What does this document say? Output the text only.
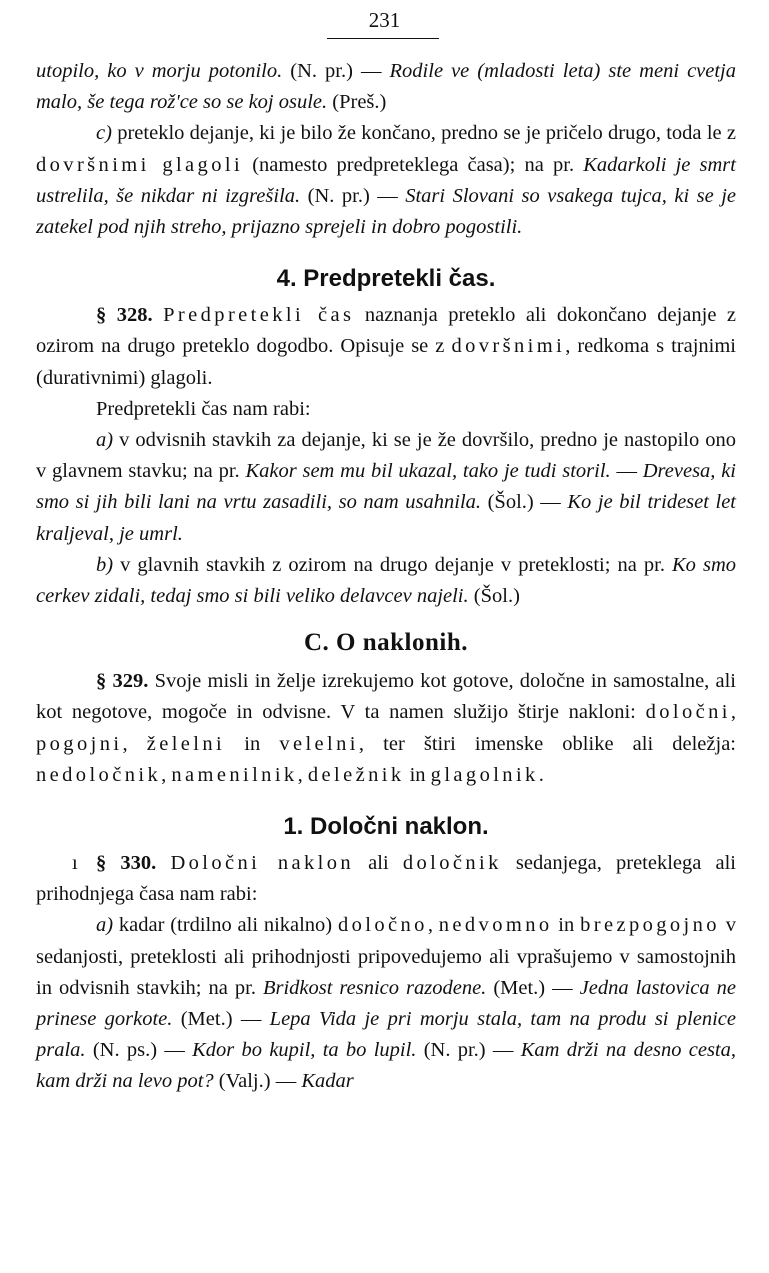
231

utopilo, ko v morju potonilo. (N. pr.) — Rodile ve (mladosti leta) ste meni cvetja malo, še tega rož'ce so se koj osule. (Preš.)

c) preteklo dejanje, ki je bilo že končano, predno se je pričelo drugo, toda le z dovršnimi glagoli (namesto predpreteklega časa); na pr. Kadarkoli je smrt ustrelila, še nikdar ni izgrešila. (N. pr.) — Stari Slovani so vsakega tujca, ki se je zatekel pod njih streho, prijazno sprejeli in dobro pogostili.

4. Predpretekli čas.

§ 328. Predpretekli čas naznanja preteklo ali dokončano dejanje z ozirom na drugo preteklo dogodbo. Opisuje se z dovršnimi, redkoma s trajnimi (durativnimi) glagoli.

Predpretekli čas nam rabi:

a) v odvisnih stavkih za dejanje, ki se je že dovršilo, predno je nastopilo ono v glavnem stavku; na pr. Kakor sem mu bil ukazal, tako je tudi storil. — Drevesa, ki smo si jih bili lani na vrtu zasadili, so nam usahnila. (Šol.) — Ko je bil trideset let kraljeval, je umrl.

b) v glavnih stavkih z ozirom na drugo dejanje v preteklosti; na pr. Ko smo cerkev zidali, tedaj smo si bili veliko delavcev najeli. (Šol.)

C. O naklonih.

§ 329. Svoje misli in želje izrekujemo kot gotove, določne in samostalne, ali kot negotove, mogoče in odvisne. V ta namen služijo štirje nakloni: določni, pogojni, želelni in velelni, ter štiri imenske oblike ali deležja: nedoločnik, namenilnik, deležnik in glagolnik.

1. Določni naklon.

ı § 330. Določni naklon ali določnik sedanjega, preteklega ali prihodnjega časa nam rabi:

a) kadar (trdilno ali nikalno) določno, nedvomno in brezpogojno v sedanjosti, preteklosti ali prihodnjosti pripovedujemo ali vprašujemo v samostojnih in odvisnih stavkih; na pr. Bridkost resnico razodene. (Met.) — Jedna lastovica ne prinese gorkote. (Met.) — Lepa Vida je pri morju stala, tam na produ si plenice prala. (N. ps.) — Kdor bo kupil, ta bo lupil. (N. pr.) — Kam drži na desno cesta, kam drži na levo pot? (Valj.) — Kadar
